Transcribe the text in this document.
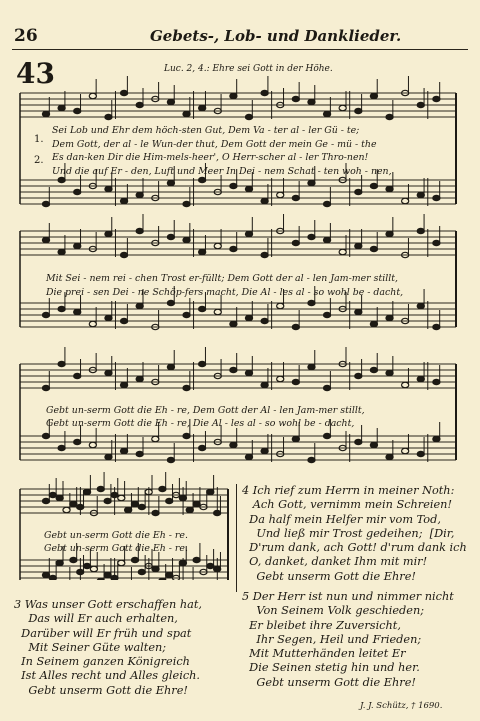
26	Gebets-, Lob- und Danklieder.
43	Luc. 2, 4.: Ehre sei Gott in der Höhe.
1.
2.
Sei Lob und Ehr dem höch-sten Gut, Dem Va - ter al - ler Gü - te;
Dem Gott, der al - le Wun-der thut, Dem Gott der mein Ge - mü - the
Es dan-ken Dir die Him-mels-heer', O Herr-scher al - ler Thro-nen!
Und die auf Er - den, Luft und Meer In Dei - nem Schat - ten woh - nen,
Mit Sei - nem rei - chen Trost er-füllt; Dem Gott der al - len Jam-mer stillt,
Die prei - sen Dei - ne Schöp-fers macht, Die Al - les al - so wohl be - dacht,
Gebt un-serm Gott die Eh - re, Dem Gott der Al - len Jam-mer stillt,
Gebt un-serm Gott die Eh - re, Die Al - les al - so wohl be - dacht,
Gebt un-serm Gott die Eh - re.
Gebt un-serm Gott die Eh - re.
4 Ich rief zum Herrn in meiner Noth:
Ach Gott, vernimm mein Schreien!
Da half mein Helfer mir vom Tod,
Und ließ mir Trost gedeihen;  [Dir,
D'rum dank, ach Gott! d'rum dank ich
O, danket, danket Ihm mit mir!
Gebt unserm Gott die Ehre!
3 Was unser Gott erschaffen hat,
Das will Er auch erhalten,
Darüber will Er früh und spat
Mit Seiner Güte walten;
In Seinem ganzen Königreich
Ist Alles recht und Alles gleich.
Gebt unserm Gott die Ehre!
5 Der Herr ist nun und nimmer nicht
Von Seinem Volk geschieden;
Er bleibet ihre Zuversicht,
Ihr Segen, Heil und Frieden;
Mit Mutterhänden leitet Er
Die Seinen stetig hin und her.
Gebt unserm Gott die Ehre!
J. J. Schütz, † 1690.
